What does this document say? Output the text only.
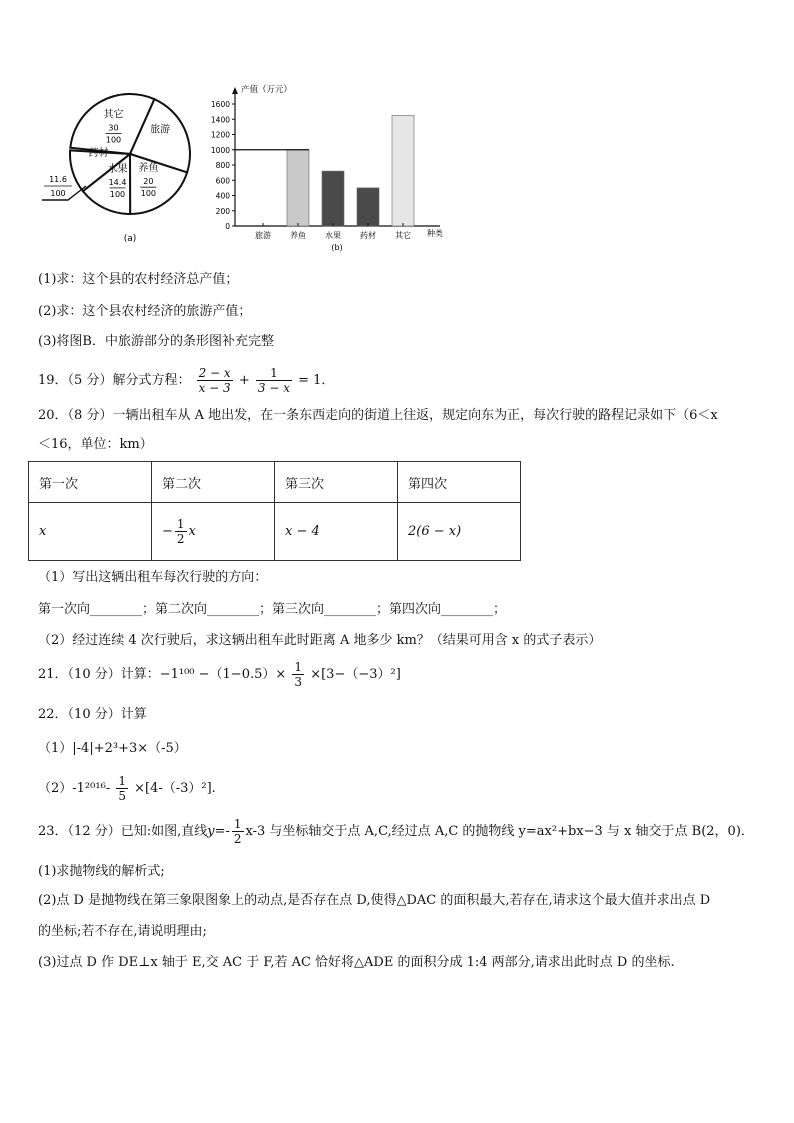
其它
30
100
旅游
养鱼
20
100
水果
14.4
100
药材
11.6
100
(a)
0
200
400
600
800
1000
1200
1400
1600
旅游 养鱼 水果 药材 其它
产值（万元）
种类
(b)
(1)求：这个县的农村经济总产值；
(2)求：这个县农村经济的旅游产值；
(3)将图B．中旅游部分的条形图补充完整
19．（5 分）解分式方程： $\frac{2 - x}{x - 3} + \frac{1}{3 - x} = 1$．
20．（8 分）一辆出租车从 A 地出发，在一条东西走向的街道上往返，规定向东为正，每次行驶的路程记录如下（6＜x
＜16，单位：km）
第一次	第二次	第三次	第四次
x	− $\frac{1}{2}$ x	x − 4	2(6 − x)
（1）写出这辆出租车每次行驶的方向：
第一次向________；第二次向________；第三次向________；第四次向________；
（2）经过连续 4 次行驶后，求这辆出租车此时距离 A 地多少 km？（结果可用含 x 的式子表示）
21．（10 分）计算：$-1^{100} -(1-0.5)\times \frac{1}{3} \times[3-(-3)^2]$
22．（10 分）计算
（1）|-4|+2³+3×（-5）
$(2)-1^{2016}- \frac{1}{5} \times[4-(-3)^2]$.
23．（12 分）已知:如图,直线$y=- \frac{1}{2} x-3$ 与坐标轴交于点 A,C,经过点 A,C 的抛物线 y=ax²+bx−3 与 x 轴交于点 B(2，0)．
(1)求抛物线的解析式;
(2)点 D 是抛物线在第三象限图象上的动点,是否存在点 D,使得△DAC 的面积最大,若存在,请求这个最大值并求出点 D
的坐标;若不存在,请说明理由;
(3)过点 D 作 DE⊥x 轴于 E,交 AC 于 F,若 AC 恰好将△ADE 的面积分成 1:4 两部分,请求出此时点 D 的坐标.
